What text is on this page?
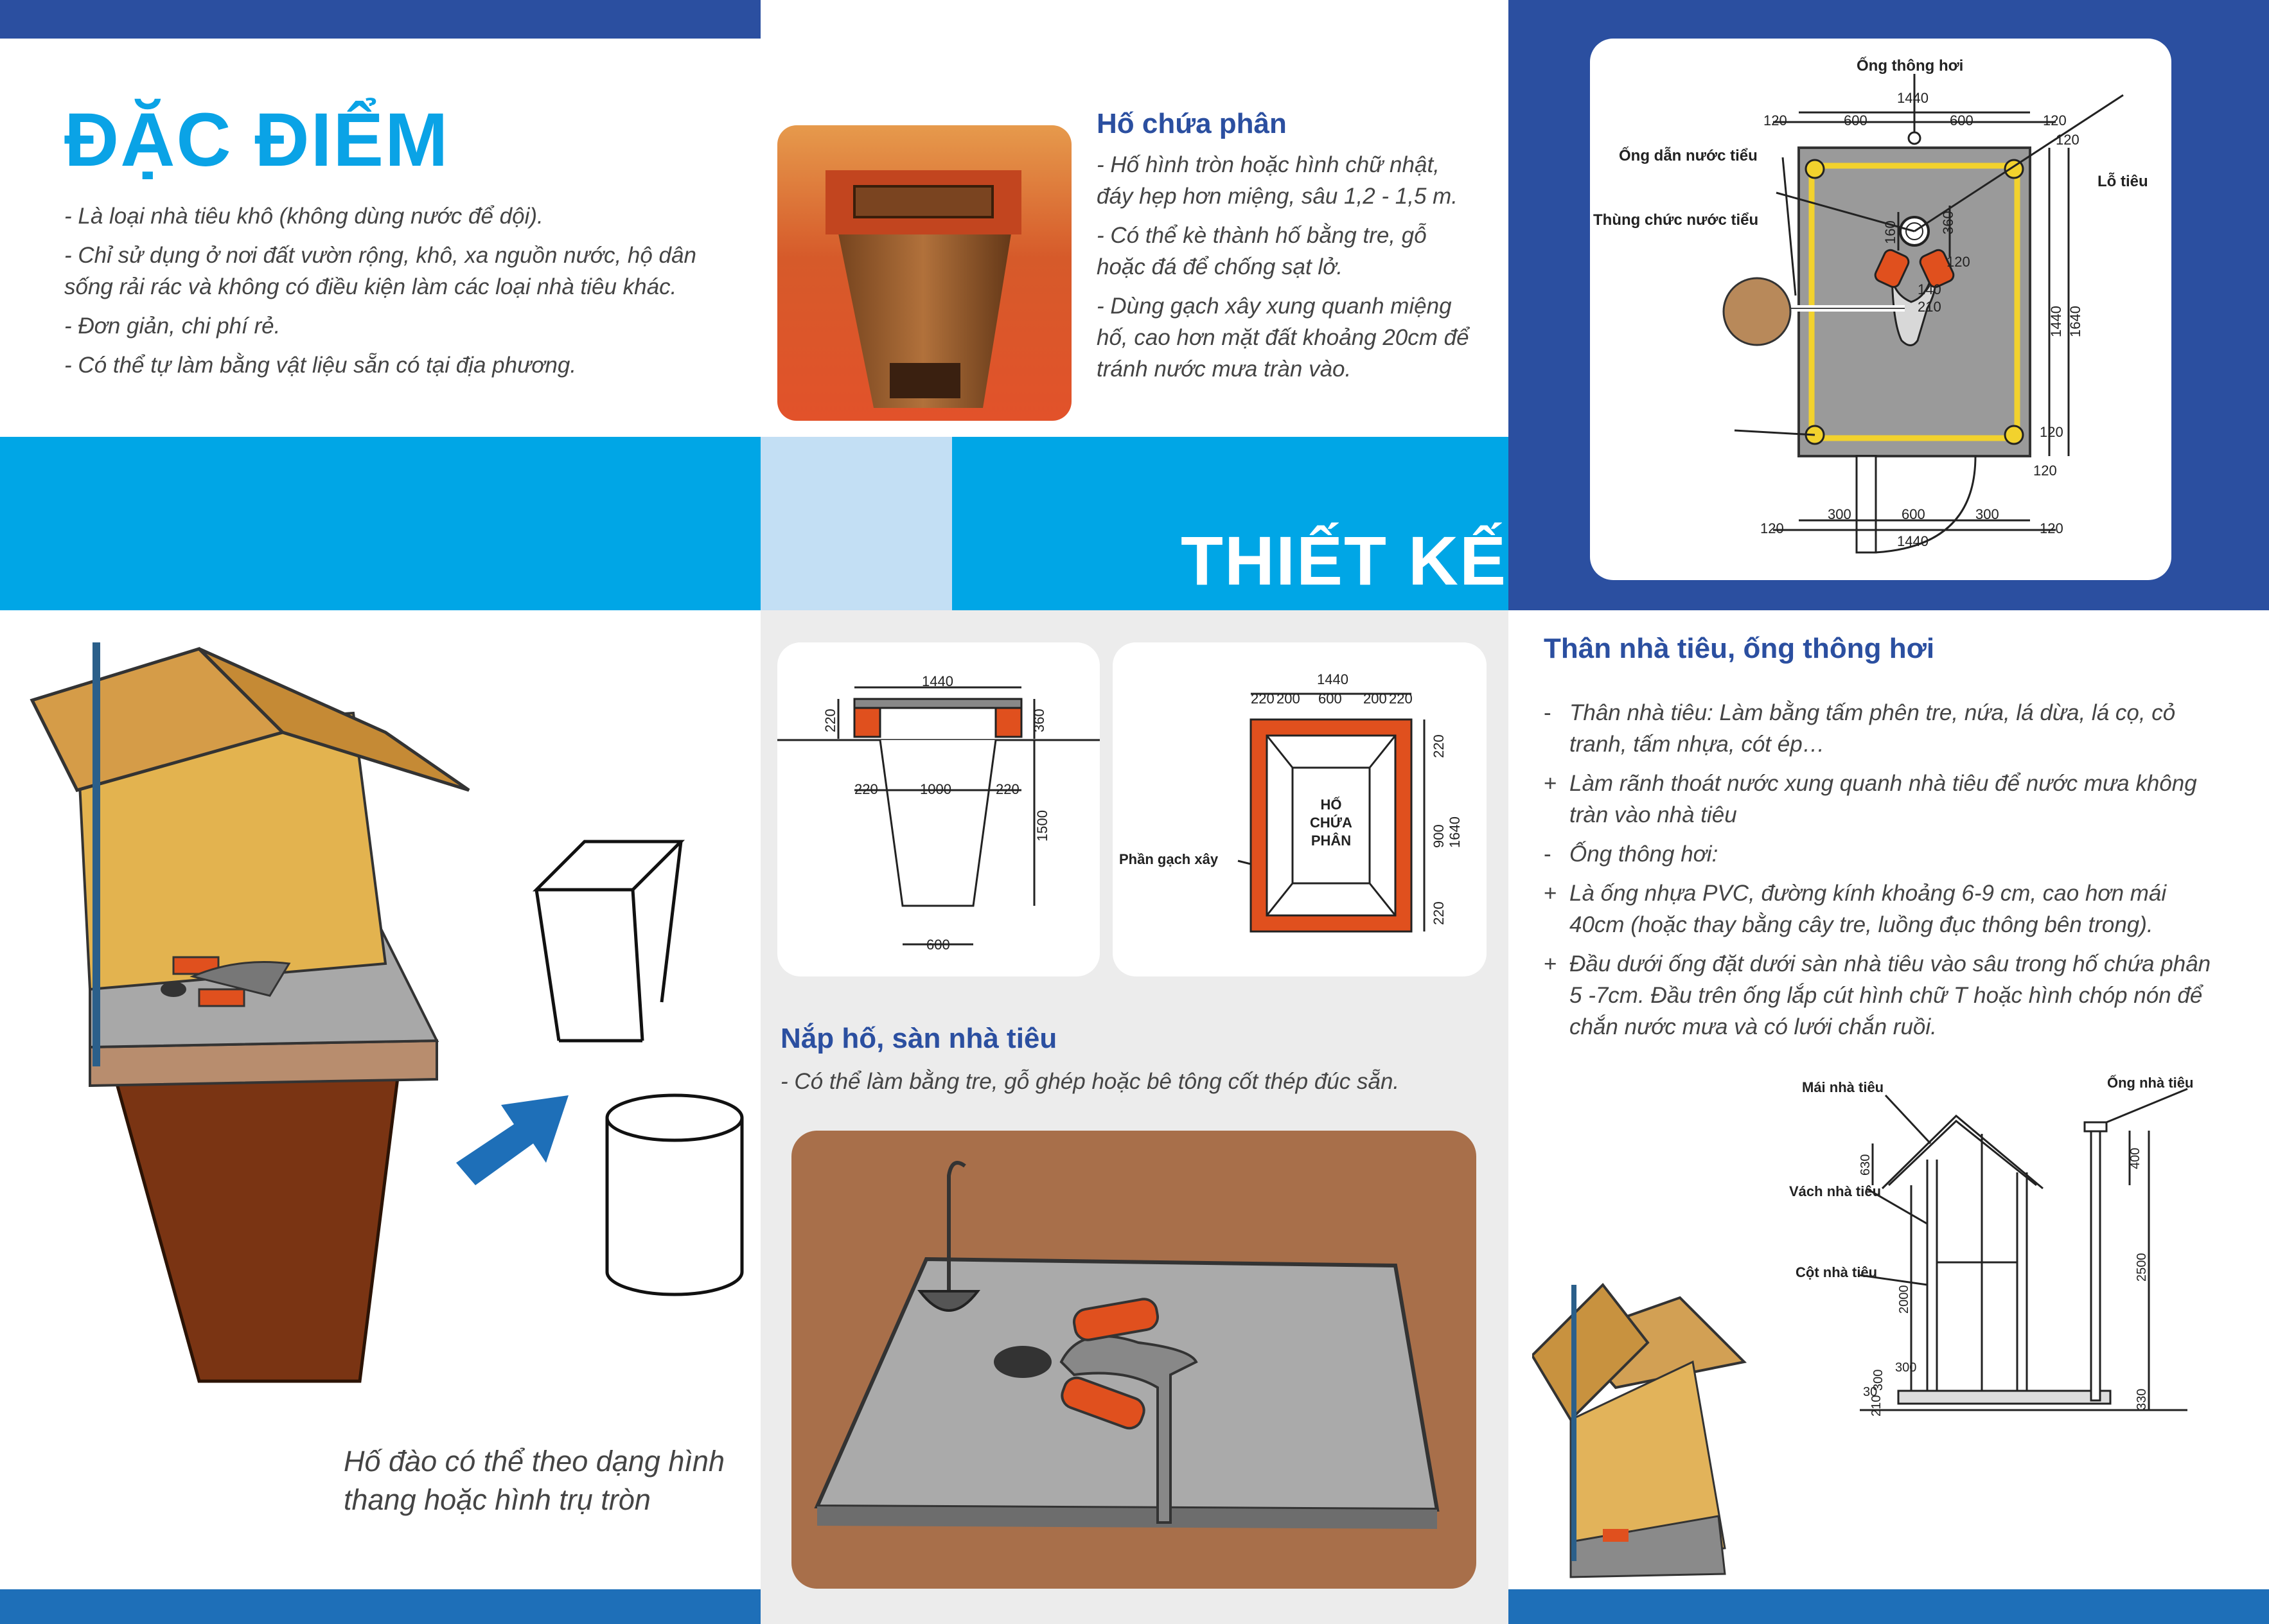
ĐẶC ĐIỂM
- Là loại nhà tiêu khô (không dùng nước để dội).
- Chỉ sử dụng ở nơi đất vườn rộng, khô, xa nguồn nước, hộ dân sống rải rác và không có điều kiện làm các loại nhà tiêu khác.
- Đơn giản, chi phí rẻ.
- Có thể tự làm bằng vật liệu sẵn có tại địa phương.
Hố chứa phân
- Hố hình tròn hoặc hình chữ nhật, đáy hẹp hơn miệng, sâu 1,2 - 1,5 m.
- Có thể kè thành hố bằng tre, gỗ hoặc đá để chống sạt lở.
- Dùng gạch xây xung quanh miệng hố, cao hơn mặt đất khoảng 20cm để tránh nước mưa tràn vào.
THIẾT KẾ
Ống thông hơi
Ống dẫn nước tiểu
Lỗ tiêu
Thùng chức nước tiểu
1440
600	600
120	120
120
360
160
140
210
120
1440 1640
120
120
300	600	300
1440
120	120
1440
220	360
220	1000	220
1500
600
HỐ
CHỨA
PHÂN
Phần gạch xây
1440
220 200 600 200 220
220
900 1640
220
Nắp hố, sàn nhà tiêu
- Có thể làm bằng tre, gỗ ghép hoặc bê tông cốt thép đúc sẵn.
Thân nhà tiêu, ống thông hơi
- Thân nhà tiêu: Làm bằng tấm phên tre, nứa, lá dừa, lá cọ, cỏ tranh, tấm nhựa, cót ép…
+ Làm rãnh thoát nước xung quanh nhà tiêu để nước mưa không tràn vào nhà tiêu
- Ống thông hơi:
+ Là ống nhựa PVC, đường kính khoảng 6-9 cm, cao hơn mái 40cm (hoặc thay bằng cây tre, luồng đục thông bên trong).
+ Đầu dưới ống đặt dưới sàn nhà tiêu vào sâu trong hố chứa phân 5 -7cm. Đầu trên ống lắp cút hình chữ T hoặc hình chóp nón để chắn nước mưa và có lưới chắn ruồi.
Mái nhà tiêu	Ống nhà tiêu
Vách nhà tiêu
Cột nhà tiêu
630	400
2000
2500
300
300
330
30
210
Hố đào có thể theo dạng hình thang hoặc hình trụ tròn
